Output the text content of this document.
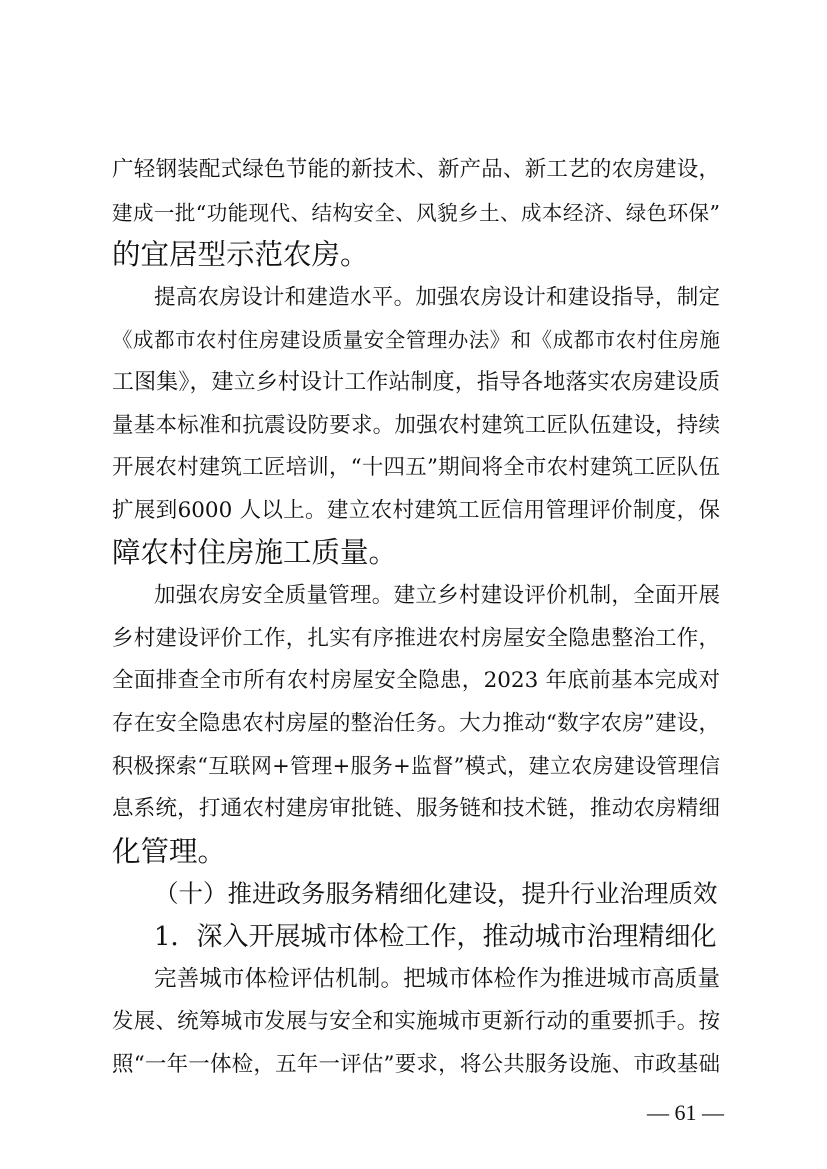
广轻钢装配式绿色节能的新技术、新产品、新工艺的农房建设，
建成一批“功能现代、结构安全、风貌乡土、成本经济、绿色环保”
的宜居型示范农房。
提高农房设计和建造水平。加强农房设计和建设指导，制定
《成都市农村住房建设质量安全管理办法》和《成都市农村住房施
工图集》，建立乡村设计工作站制度，指导各地落实农房建设质
量基本标准和抗震设防要求。加强农村建筑工匠队伍建设，持续
开展农村建筑工匠培训，“十四五”期间将全市农村建筑工匠队伍
扩展到6000 人以上。建立农村建筑工匠信用管理评价制度，保
障农村住房施工质量。
加强农房安全质量管理。建立乡村建设评价机制，全面开展
乡村建设评价工作，扎实有序推进农村房屋安全隐患整治工作，
全面排查全市所有农村房屋安全隐患，2023 年底前基本完成对
存在安全隐患农村房屋的整治任务。大力推动“数字农房”建设，
积极探索“互联网+管理+服务+监督”模式，建立农房建设管理信
息系统，打通农村建房审批链、服务链和技术链，推动农房精细
化管理。
（十）推进政务服务精细化建设，提升行业治理质效
1．深入开展城市体检工作，推动城市治理精细化
完善城市体检评估机制。把城市体检作为推进城市高质量
发展、统筹城市发展与安全和实施城市更新行动的重要抓手。按
照“一年一体检，五年一评估”要求，将公共服务设施、市政基础
— 61 —
